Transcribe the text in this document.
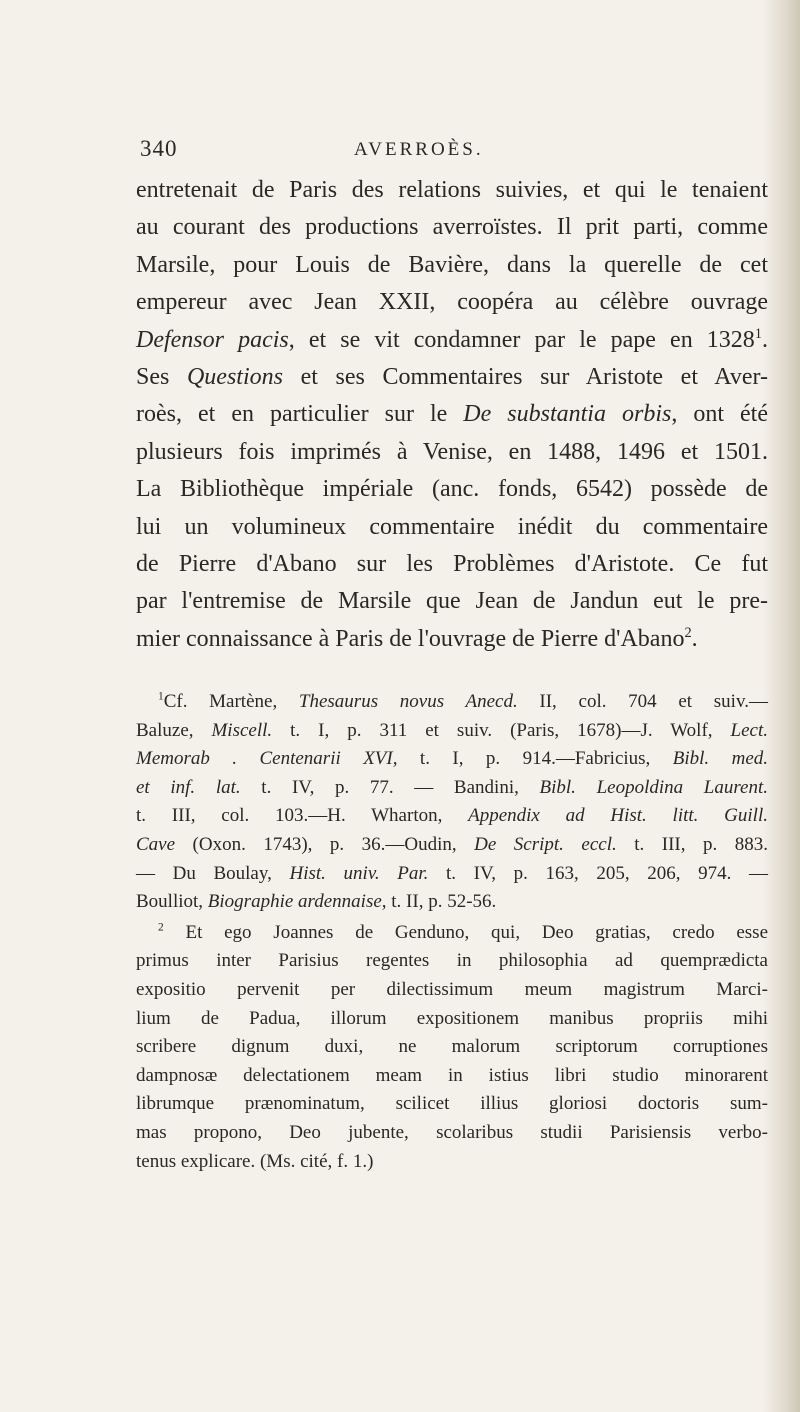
340	AVERROÈS.
entretenait de Paris des relations suivies, et qui le tenaient
au courant des productions averroïstes. Il prit parti, comme
Marsile, pour Louis de Bavière, dans la querelle de cet
empereur avec Jean XXII, coopéra au célèbre ouvrage
Defensor pacis, et se vit condamner par le pape en 1328$^1$.
Ses Questions et ses Commentaires sur Aristote et Aver-
roès, et en particulier sur le De substantia orbis, ont été
plusieurs fois imprimés à Venise, en 1488, 1496 et 1501.
La Bibliothèque impériale (anc. fonds, 6542) possède de
lui un volumineux commentaire inédit du commentaire
de Pierre d'Abano sur les Problèmes d'Aristote. Ce fut
par l'entremise de Marsile que Jean de Jandun eut le pre-
mier connaissance à Paris de l'ouvrage de Pierre d'Abano$^2$.
$^1$Cf. Martène, Thesaurus novus Anecd. II, col. 704 et suiv.—
Baluze, Miscell. t. I, p. 311 et suiv. (Paris, 1678)—J. Wolf, Lect.
Memorab . Centenarii XVI, t. I, p. 914.—Fabricius, Bibl. med.
et inf. lat. t. IV, p. 77. — Bandini, Bibl. Leopoldina Laurent.
t. III, col. 103.—H. Wharton, Appendix ad Hist. litt. Guill.
Cave (Oxon. 1743), p. 36.—Oudin, De Script. eccl. t. III, p. 883.
— Du Boulay, Hist. univ. Par. t. IV, p. 163, 205, 206, 974. —
Boulliot, Biographie ardennaise, t. II, p. 52-56.
$^2$ Et ego Joannes de Genduno, qui, Deo gratias, credo esse
primus inter Parisius regentes in philosophia ad quemprædicta
expositio pervenit per dilectissimum meum magistrum Marci-
lium de Padua, illorum expositionem manibus propriis mihi
scribere dignum duxi, ne malorum scriptorum corruptiones
dampnosæ delectationem meam in istius libri studio minorarent
librumque prænominatum, scilicet illius gloriosi doctoris sum-
mas propono, Deo jubente, scolaribus studii Parisiensis verbo-
tenus explicare. (Ms. cité, f. 1.)
